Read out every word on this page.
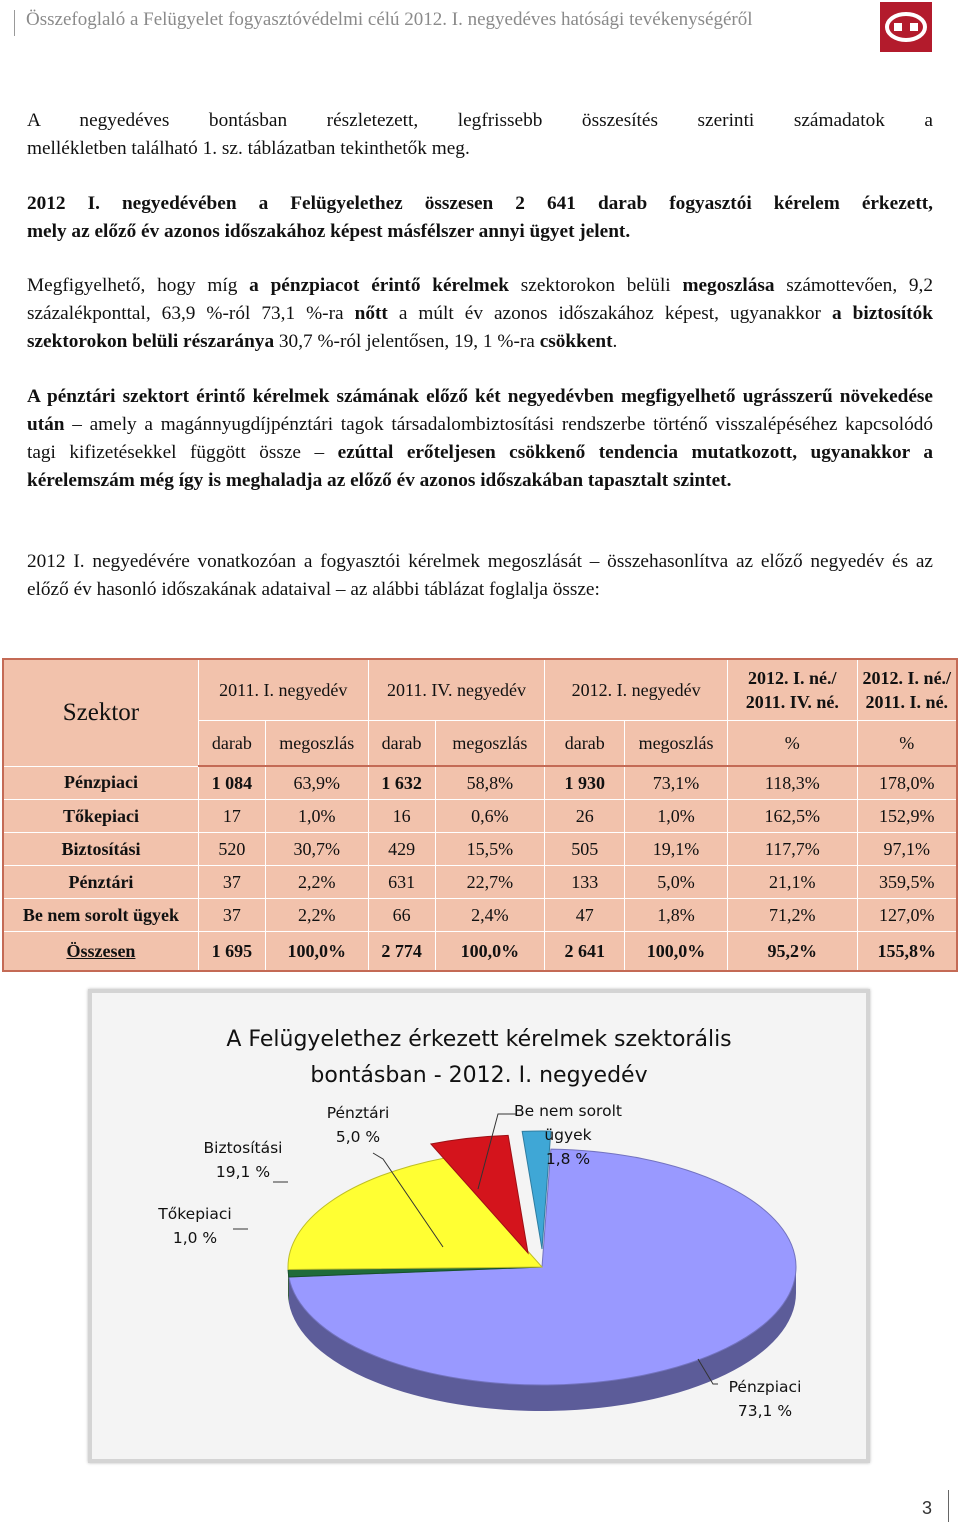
Összefoglaló a Felügyelet fogyasztóvédelmi célú 2012. I. negyedéves hatósági tevékenységéről

A negyedéves bontásban részletezett, legfrissebb összesítés szerinti számadatok a

mellékletben található 1. sz. táblázatban tekinthetők meg.

2012 I. negyedévében a Felügyelethez összesen 2 641 darab fogyasztói kérelem érkezett,

mely az előző év azonos időszakához képest másfélszer annyi ügyet jelent.

Megfigyelhető, hogy míg a pénzpiacot érintő kérelmek szektorokon belüli megoszlása számottevően, 9,2 százalékponttal, 63,9 %-ról 73,1 %-ra nőtt a múlt év azonos időszakához képest, ugyanakkor a biztosítók szektorokon belüli részaránya 30,7 %-ról jelentősen, 19, 1 %-ra csökkent.

A pénztári szektort érintő kérelmek számának előző két negyedévben megfigyelhető ugrásszerű növekedése után – amely a magánnyugdíjpénztári tagok társadalombiztosítási rendszerbe történő visszalépéséhez kapcsolódó tagi kifizetésekkel függött össze – ezúttal erőteljesen csökkenő tendencia mutatkozott, ugyanakkor a kérelemszám még így is meghaladja az előző év azonos időszakában tapasztalt szintet.

2012 I. negyedévére vonatkozóan a fogyasztói kérelmek megoszlását – összehasonlítva az előző negyedév és az előző év hasonló időszakának adataival – az alábbi táblázat foglalja össze:

Szektor	2011. I. negyedév		2011. IV. negyedév		2012. I. negyedév		2012. I. né./
2011. IV. né.	2012. I. né./
2011. I. né.
	darab	megoszlás	darab	megoszlás	darab	megoszlás	%	%
Pénzpiaci	1 084	63,9%	1 632	58,8%	1 930	73,1%	118,3%	178,0%
Tőkepiaci	17	1,0%	16	0,6%	26	1,0%	162,5%	152,9%
Biztosítási	520	30,7%	429	15,5%	505	19,1%	117,7%	97,1%
Pénztári	37	2,2%	631	22,7%	133	5,0%	21,1%	359,5%
Be nem sorolt ügyek	37	2,2%	66	2,4%	47	1,8%	71,2%	127,0%
Összesen	1 695	100,0%	2 774	100,0%	2 641	100,0%	95,2%	155,8%
A Felügyelethez érkezett kérelmek szektorális
bontásban - 2012. I. negyedév
Pénztári
5,0 %
Be nem sorolt
ügyek
1,8 %
Biztosítási
19,1 %
Tőkepiaci
1,0 %
Pénzpiaci
73,1 %
3
